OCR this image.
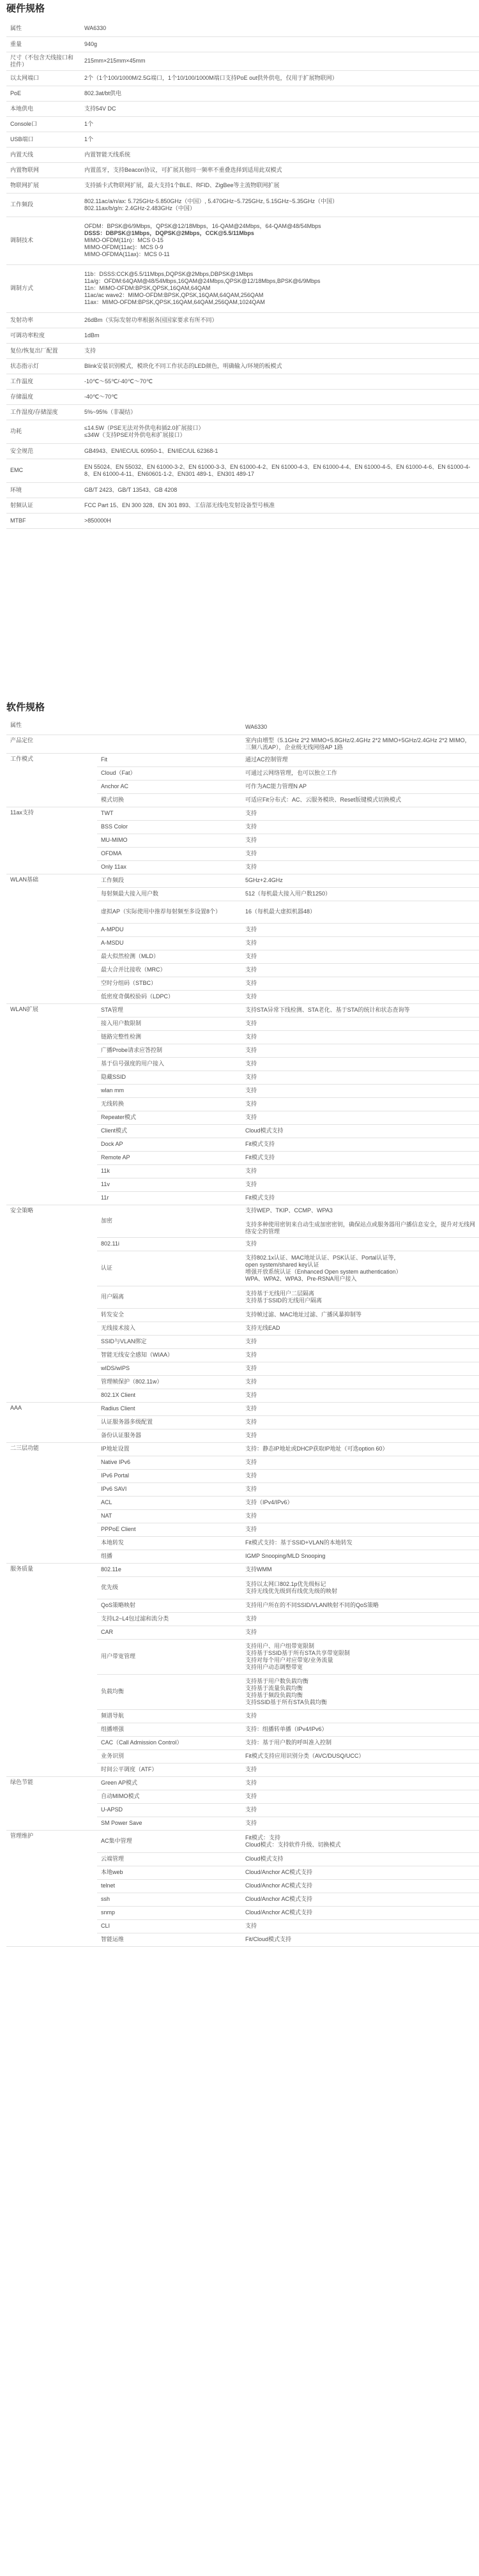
硬件规格
属性	WA6330

重量	940g

尺寸（不包含天线接口和挂件）	215mm×215mm×45mm

以太网端口	2个（1个100/1000M/2.5G端口，1个10/100/1000M端口支持PoE out供外供电，仅用于扩展物联网）

PoE	802.3at/bt供电

本地供电	支持54V DC

Console口	1个

USB端口	1个

内置天线	内置智能天线系统

内置物联网	内置蓝牙，支持Beacon协议，可扩展其他同一频率不重叠选择到适用此双模式

物联网扩展	支持插卡式物联网扩展，最大支持1个BLE、RFID、ZigBee等主流物联网扩展

工作频段	802.11ac/a/n/ax: 5.725GHz-5.850GHz（中国）, 5.470GHz~5.725GHz, 5.15GHz~5.35GHz（中国）
802.11ax/b/g/n: 2.4GHz-2.483GHz（中国）

调制技术	OFDM：BPSK@6/9Mbps，QPSK@12/18Mbps，16-QAM@24Mbps，64-QAM@48/54Mbps
DSSS：DBPSK@1Mbps，DQPSK@2Mbps，CCK@5.5/11Mbps
MIMO-OFDM(11n)：MCS 0-15
MIMO-OFDM(11ac)：MCS 0-9
MIMO-OFDMA(11ax)：MCS 0-11

调制方式	11b：DSSS:CCK@5.5/11Mbps,DQPSK@2Mbps,DBPSK@1Mbps
11a/g：OFDM:64QAM@48/54Mbps,16QAM@24Mbps,QPSK@12/18Mbps,BPSK@6/9Mbps
11n：MIMO-OFDM:BPSK,QPSK,16QAM,64QAM
11ac/ac wave2：MIMO-OFDM:BPSK,QPSK,16QAM,64QAM,256QAM
11ax：MIMO-OFDM:BPSK,QPSK,16QAM,64QAM,256QAM,1024QAM

发射功率	26dBm（实际发射功率根据各国国家要求有所不同）

可调功率粒度	1dBm

复位/恢复出厂配置	支持

状态指示灯	Blink安装识别模式，模块化不同工作状态的LED颜色，明确输入/环境的板模式

工作温度	-10℃～55℃/-40℃～70℃

存储温度	-40℃～70℃

工作湿度/存储湿度	5%~95%（非凝结）

功耗	≤14.5W（PSE无法对外供电和插2.0扩展接口）
≤34W（支持PSE对外供电和扩展接口）

安全规范	GB4943、EN/IEC/UL 60950-1、EN/IEC/UL 62368-1

EMC	EN 55024、EN 55032、EN 61000-3-2、EN 61000-3-3、EN 61000-4-2、EN 61000-4-3、EN 61000-4-4、EN 61000-4-5、EN 61000-4-6、EN 61000-4-8、EN 61000-4-11、EN60601-1-2、EN301 489-1、EN301 489-17

环境	GB/T 2423、GB/T 13543、GB 4208

射频认证	FCC Part 15、EN 300 328、EN 301 893、工信部无线电发射设备型号核准

MTBF	>850000H
软件规格
属性		WA6330

产品定位		室内由增型（5.1GHz 2*2 MIMO+5.8GHz/2.4GHz 2*2 MIMO+5GHz/2.4GHz 2*2 MIMO，三频八流AP），企业级无线网络AP 1路

工作模式	Fit	通过AC控制管理

	Cloud（Fat）	可通过云网络管理，也可以独立工作

	Anchor AC	可作为AC能力管理N AP

	模式切换	可适应Fit分布式：AC、云服务模块、Reset版键模式切换模式

11ax支持	TWT	支持

	BSS Color	支持

	MU-MIMO	支持

	OFDMA	支持

	Only 11ax	支持

WLAN基础	工作频段	5GHz+2.4GHz

	每射频最大接入用户数	512（每机最大接入用户数1250）

	虚拟AP（实际使用中推荐每射频至多设置8个）	16（每机最大虚拟机器48）

	A-MPDU	支持

	A-MSDU	支持

	最大似然检测（MLD）	支持

	最大合并比接收（MRC）	支持

	空时分组码（STBC）	支持

	低密度奇偶校验码（LDPC）	支持

WLAN扩展	STA管理	支持STA异常下线检测、STA老化、基于STA的统计和状态查询等

	接入用户数限制	支持

	链路完整性检测	支持

	广播Probe请求应答控制	支持

	基于信号强度的用户接入	支持

	隐藏SSID	支持

	wlan mm	支持

	无线转换	支持

	Repeater模式	支持

	Client模式	Cloud模式支持

	Dock AP	Fit模式支持

	Remote AP	Fit模式支持

	11k	支持

	11v	支持

	11r	Fit模式支持

安全策略	加密	支持WEP、TKIP、CCMP、WPA3

支持多种使用密钥来自动生成加密密钥，确保站点或服务器用户播信息安全，提升对无线网络安全的管理

	802.11i	支持

	认证	支持802.1x认证、MAC地址认证、PSK认证、Portal认证等，
open system/shared key认证
增强开放系统认证（Enhanced Open system authentication）
WPA、WPA2、WPA3、Pre-RSNA用户接入

	用户隔离	支持基于无线用户二层隔离
支持基于SSID的无线用户隔离

	转发安全	支持帧过滤、MAC地址过滤、广播风暴抑制等

	无线接术接入	支持无线EAD

	SSID与VLAN绑定	支持

	智能无线安全感知（WIAA）	支持

	wIDS/wIPS	支持

	管理帧保护（802.11w）	支持

	802.1X Client	支持

AAA	Radius Client	支持

	认证服务器多级配置	支持

	备份认证服务器	支持

二三层功能	IP地址设置	支持：静态IP地址或DHCP获取IP地址（可选option 60）

	Native IPv6	支持

	IPv6 Portal	支持

	IPv6 SAVI	支持

	ACL	支持（IPv4/IPv6）

	NAT	支持

	PPPoE Client	支持

	本地转发	Fit模式支持：基于SSID+VLAN的本地转发

	组播	IGMP Snooping/MLD Snooping

服务质量	802.11e	支持WMM

	优先级	支持以太网口802.1p优先级标记
支持无线优先级到有线优先级的映射

	QoS策略映射	支持用户所在的不同SSID/VLAN映射不同的QoS策略

	支持L2~L4包过滤和流分类	支持

	CAR	支持

	用户带宽管理	支持用户、用户组带宽限制
支持基于SSID基于所有STA共享带宽限制
支持对每个用户对应带宽/业务流量
支持用户动态调整带宽

	负载均衡	支持基于用户数负载均衡
支持基于流量负载均衡
支持基于频段负载均衡
支持SSID基于所有STA负载均衡

	频谱导航	支持

	组播增强	支持：组播转单播（IPv4/IPv6）

	CAC（Call Admission Control）	支持：基于用户数的呼叫准入控制

	业务识别	Fit模式支持应用识别分类（AVC/DUSQ/UCC）

	时间公平调度（ATF）	支持

绿色节能	Green AP模式	支持

	自动MIMO模式	支持

	U-APSD	支持

	SM Power Save	支持

管理维护	AC集中管理	Fit模式：支持
Cloud模式：支持软件升级、切换模式

	云端管理	Cloud模式支持

	本地web	Cloud/Anchor AC模式支持

	telnet	Cloud/Anchor AC模式支持

	ssh	Cloud/Anchor AC模式支持

	snmp	Cloud/Anchor AC模式支持

	CLI	支持

	智能运维	Fit/Cloud模式支持
